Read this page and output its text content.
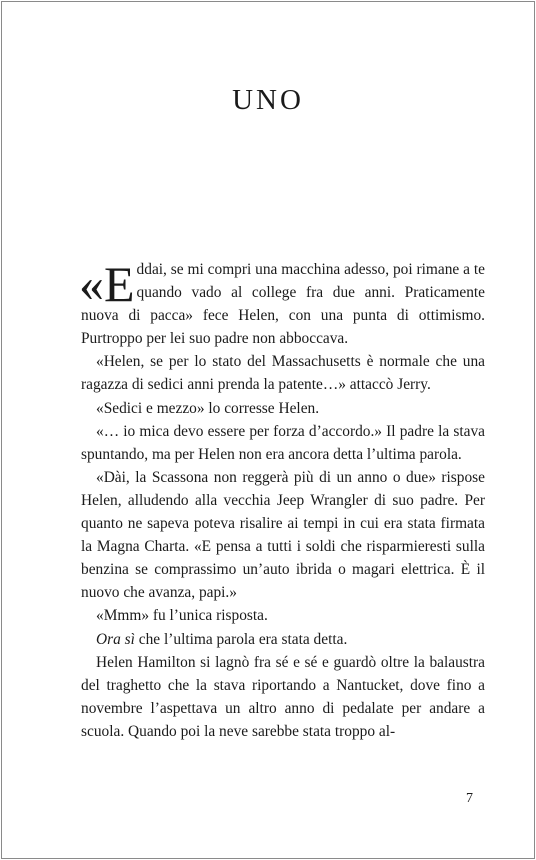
UNO

«Eddai, se mi compri una macchina adesso, poi rimane a te quando vado al college fra due anni. Praticamente nuova di pacca» fece Helen, con una punta di ottimismo. Purtroppo per lei suo padre non abboccava.

«Helen, se per lo stato del Massachusetts è normale che una ragazza di sedici anni prenda la patente…» attaccò Jerry.

«Sedici e mezzo» lo corresse Helen.

«… io mica devo essere per forza d’accordo.» Il padre la stava spuntando, ma per Helen non era ancora detta l’ultima parola.

«Dài, la Scassona non reggerà più di un anno o due» rispose Helen, alludendo alla vecchia Jeep Wrangler di suo padre. Per quanto ne sapeva poteva risalire ai tempi in cui era stata firmata la Magna Charta. «E pensa a tutti i soldi che risparmieresti sulla benzina se comprassimo un’auto ibrida o magari elettrica. È il nuovo che avanza, papi.»

«Mmm» fu l’unica risposta.

Ora sì che l’ultima parola era stata detta.

Helen Hamilton si lagnò fra sé e sé e guardò oltre la balaustra del traghetto che la stava riportando a Nantucket, dove fino a novembre l’aspettava un altro anno di pedalate per andare a scuola. Quando poi la neve sarebbe stata troppo al-

7
